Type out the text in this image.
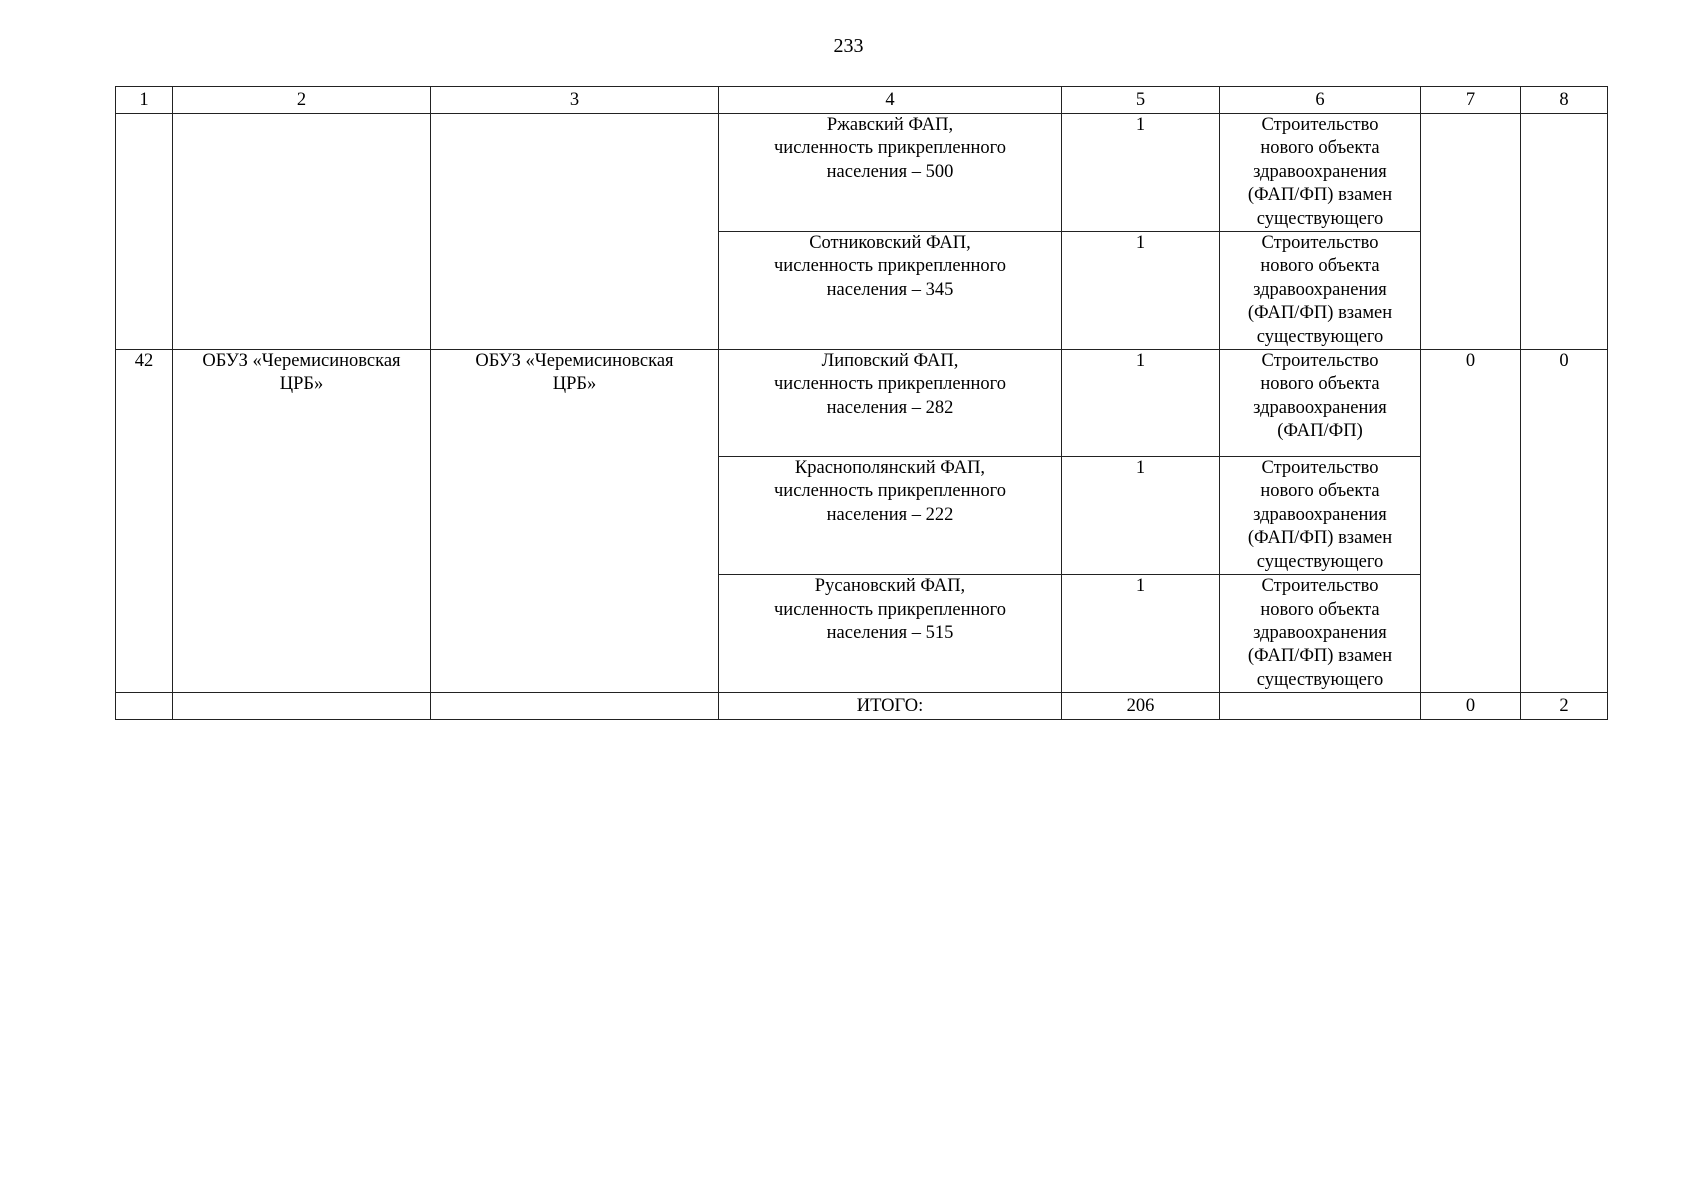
233
1	2	3	4	5	6	7	8

			Ржавский ФАП,
численность прикрепленного
населения – 500	1	Строительство
нового объекта
здравоохранения
(ФАП/ФП) взамен
существующего		

			Сотниковский ФАП,
численность прикрепленного
населения – 345	1	Строительство
нового объекта
здравоохранения
(ФАП/ФП) взамен
существующего		

42	ОБУЗ «Черемисиновская
ЦРБ»	ОБУЗ «Черемисиновская
ЦРБ»	Липовский ФАП,
численность прикрепленного
населения – 282	1	Строительство
нового объекта
здравоохранения
(ФАП/ФП)	0	0

			Краснополянский ФАП,
численность прикрепленного
населения – 222	1	Строительство
нового объекта
здравоохранения
(ФАП/ФП) взамен
существующего		

			Русановский ФАП,
численность прикрепленного
населения – 515	1	Строительство
нового объекта
здравоохранения
(ФАП/ФП) взамен
существующего		

			ИТОГО:	206		0	2
